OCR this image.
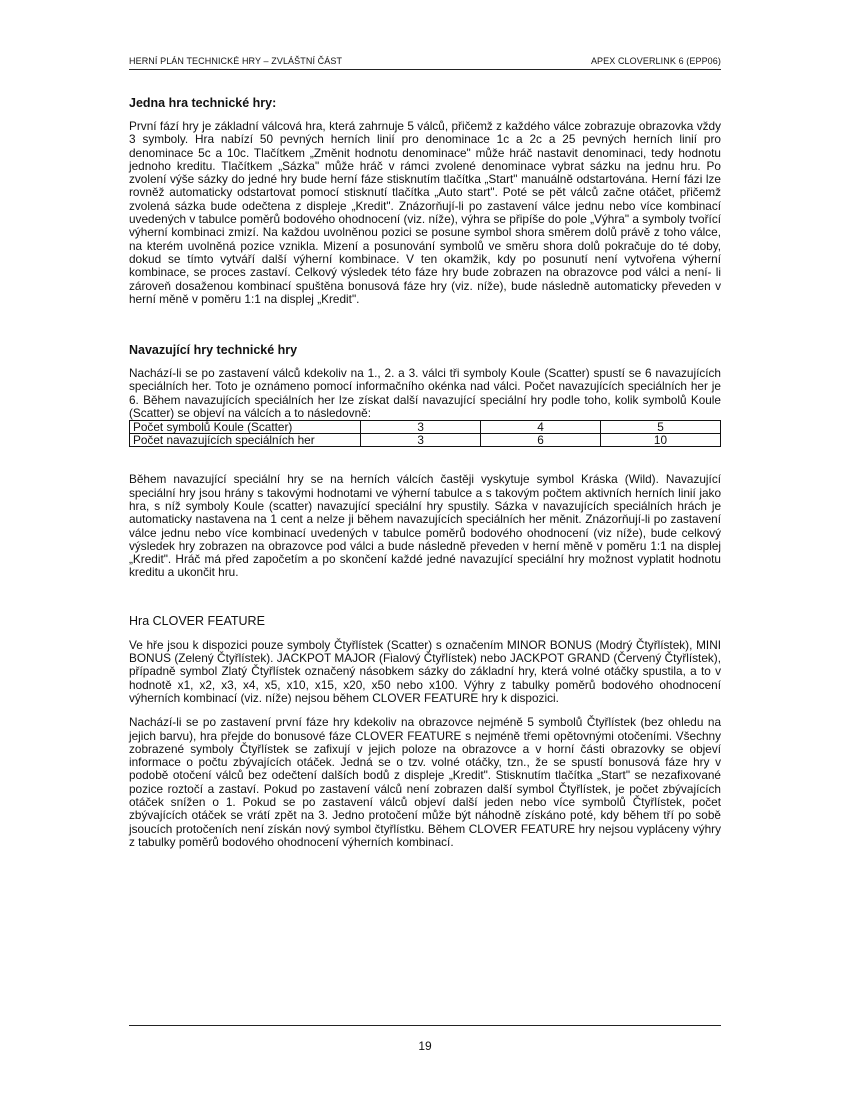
HERNÍ PLÁN TECHNICKÉ HRY – ZVLÁŠTNÍ ČÁST	APEX CLOVERLINK 6 (EPP06)

Jedna hra technické hry:

První fází hry je základní válcová hra, která zahrnuje 5 válců, přičemž z každého válce zobrazuje obrazovka vždy 3 symboly. Hra nabízí 50 pevných herních linií pro denominace 1c a 2c a 25 pevných herních linií pro denominace 5c a 10c. Tlačítkem „Změnit hodnotu denominace" může hráč nastavit denominaci, tedy hodnotu jednoho kreditu. Tlačítkem „Sázka" může hráč v rámci zvolené denominace vybrat sázku na jednu hru. Po zvolení výše sázky do jedné hry bude herní fáze stisknutím tlačítka „Start" manuálně odstartována. Herní fázi lze rovněž automaticky odstartovat pomocí stisknutí tlačítka „Auto start". Poté se pět válců začne otáčet, přičemž zvolená sázka bude odečtena z displeje „Kredit". Znázorňují-li po zastavení válce jednu nebo více kombinací uvedených v tabulce poměrů bodového ohodnocení (viz. níže), výhra se připíše do pole „Výhra" a symboly tvořící výherní kombinaci zmizí. Na každou uvolněnou pozici se posune symbol shora směrem dolů právě z toho válce, na kterém uvolněná pozice vznikla. Mizení a posunování symbolů ve směru shora dolů pokračuje do té doby, dokud se tímto vytváří další výherní kombinace. V ten okamžik, kdy po posunutí není vytvořena výherní kombinace, se proces zastaví. Celkový výsledek této fáze hry bude zobrazen na obrazovce pod válci a není- li zároveň dosaženou kombinací spuštěna bonusová fáze hry (viz. níže), bude následně automaticky převeden v herní měně v poměru 1:1 na displej „Kredit".

Navazující hry technické hry

Nachází-li se po zastavení válců kdekoliv na 1., 2. a 3. válci tři symboly Koule (Scatter) spustí se 6 navazujících speciálních her. Toto je oznámeno pomocí informačního okénka nad válci. Počet navazujících speciálních her je 6. Během navazujících speciálních her lze získat další navazující speciální hry podle toho, kolik symbolů Koule (Scatter) se objeví na válcích a to následovně:

Počet symbolů Koule (Scatter)	3	4	5
Počet navazujících speciálních her	3	6	10

Během navazující speciální hry se na herních válcích častěji vyskytuje symbol Kráska (Wild). Navazující speciální hry jsou hrány s takovými hodnotami ve výherní tabulce a s takovým počtem aktivních herních linií jako hra, s níž symboly Koule (scatter) navazující speciální hry spustily. Sázka v navazujících speciálních hrách je automaticky nastavena na 1 cent a nelze ji během navazujících speciálních her měnit. Znázorňují-li po zastavení válce jednu nebo více kombinací uvedených v tabulce poměrů bodového ohodnocení (viz níže), bude celkový výsledek hry zobrazen na obrazovce pod válci a bude následně převeden v herní měně v poměru 1:1 na displej „Kredit". Hráč má před započetím a po skončení každé jedné navazující speciální hry možnost vyplatit hodnotu kreditu a ukončit hru.

Hra CLOVER FEATURE

Ve hře jsou k dispozici pouze symboly Čtyřlístek (Scatter) s označením MINOR BONUS (Modrý Čtyřlístek), MINI BONUS (Zelený Čtyřlístek). JACKPOT MAJOR (Fialový Čtyřlístek) nebo JACKPOT GRAND (Červený Čtyřlístek), případně symbol Zlatý Čtyřlístek označený násobkem sázky do základní hry, která volné otáčky spustila, a to v hodnotě x1, x2, x3, x4, x5, x10, x15, x20, x50 nebo x100. Výhry z tabulky poměrů bodového ohodnocení výherních kombinací (viz. níže) nejsou během CLOVER FEATURE hry k dispozici.

Nachází-li se po zastavení první fáze hry kdekoliv na obrazovce nejméně 5 symbolů Čtyřlístek (bez ohledu na jejich barvu), hra přejde do bonusové fáze CLOVER FEATURE s nejméně třemi opětovnými otočeními. Všechny zobrazené symboly Čtyřlístek se zafixují v jejich poloze na obrazovce a v horní části obrazovky se objeví informace o počtu zbývajících otáček. Jedná se o tzv. volné otáčky, tzn., že se spustí bonusová fáze hry v podobě otočení válců bez odečtení dalších bodů z displeje „Kredit". Stisknutím tlačítka „Start" se nezafixované pozice roztočí a zastaví. Pokud po zastavení válců není zobrazen další symbol Čtyřlístek, je počet zbývajících otáček snížen o 1. Pokud se po zastavení válců objeví další jeden nebo více symbolů Čtyřlístek, počet zbývajících otáček se vrátí zpět na 3. Jedno protočení může být náhodně získáno poté, kdy během tří po sobě jsoucích protočeních není získán nový symbol čtyřlístku. Během CLOVER FEATURE hry nejsou vypláceny výhry z tabulky poměrů bodového ohodnocení výherních kombinací.

19
